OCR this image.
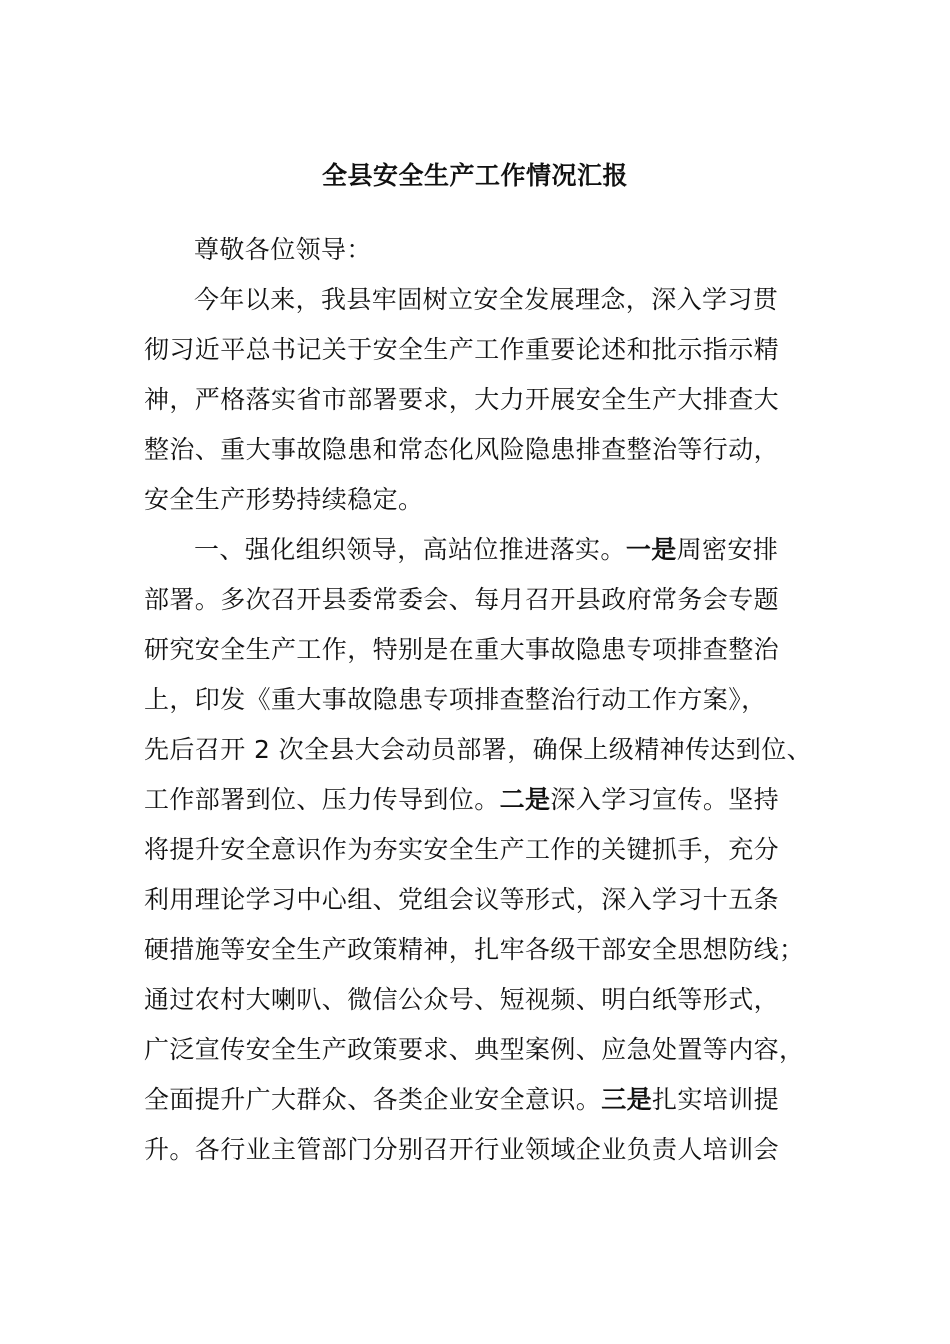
全县安全生产工作情况汇报
尊敬各位领导：
今年以来，我县牢固树立安全发展理念，深入学习贯
彻习近平总书记关于安全生产工作重要论述和批示指示精
神，严格落实省市部署要求，大力开展安全生产大排查大
整治、重大事故隐患和常态化风险隐患排查整治等行动，
安全生产形势持续稳定。
一、强化组织领导，高站位推进落实。一是周密安排
部署。多次召开县委常委会、每月召开县政府常务会专题
研究安全生产工作，特别是在重大事故隐患专项排查整治
上，印发《重大事故隐患专项排查整治行动工作方案》，
先后召开 2 次全县大会动员部署，确保上级精神传达到位、
工作部署到位、压力传导到位。二是深入学习宣传。坚持
将提升安全意识作为夯实安全生产工作的关键抓手，充分
利用理论学习中心组、党组会议等形式，深入学习十五条
硬措施等安全生产政策精神，扎牢各级干部安全思想防线；
通过农村大喇叭、微信公众号、短视频、明白纸等形式，
广泛宣传安全生产政策要求、典型案例、应急处置等内容，
全面提升广大群众、各类企业安全意识。三是扎实培训提
升。各行业主管部门分别召开行业领域企业负责人培训会
